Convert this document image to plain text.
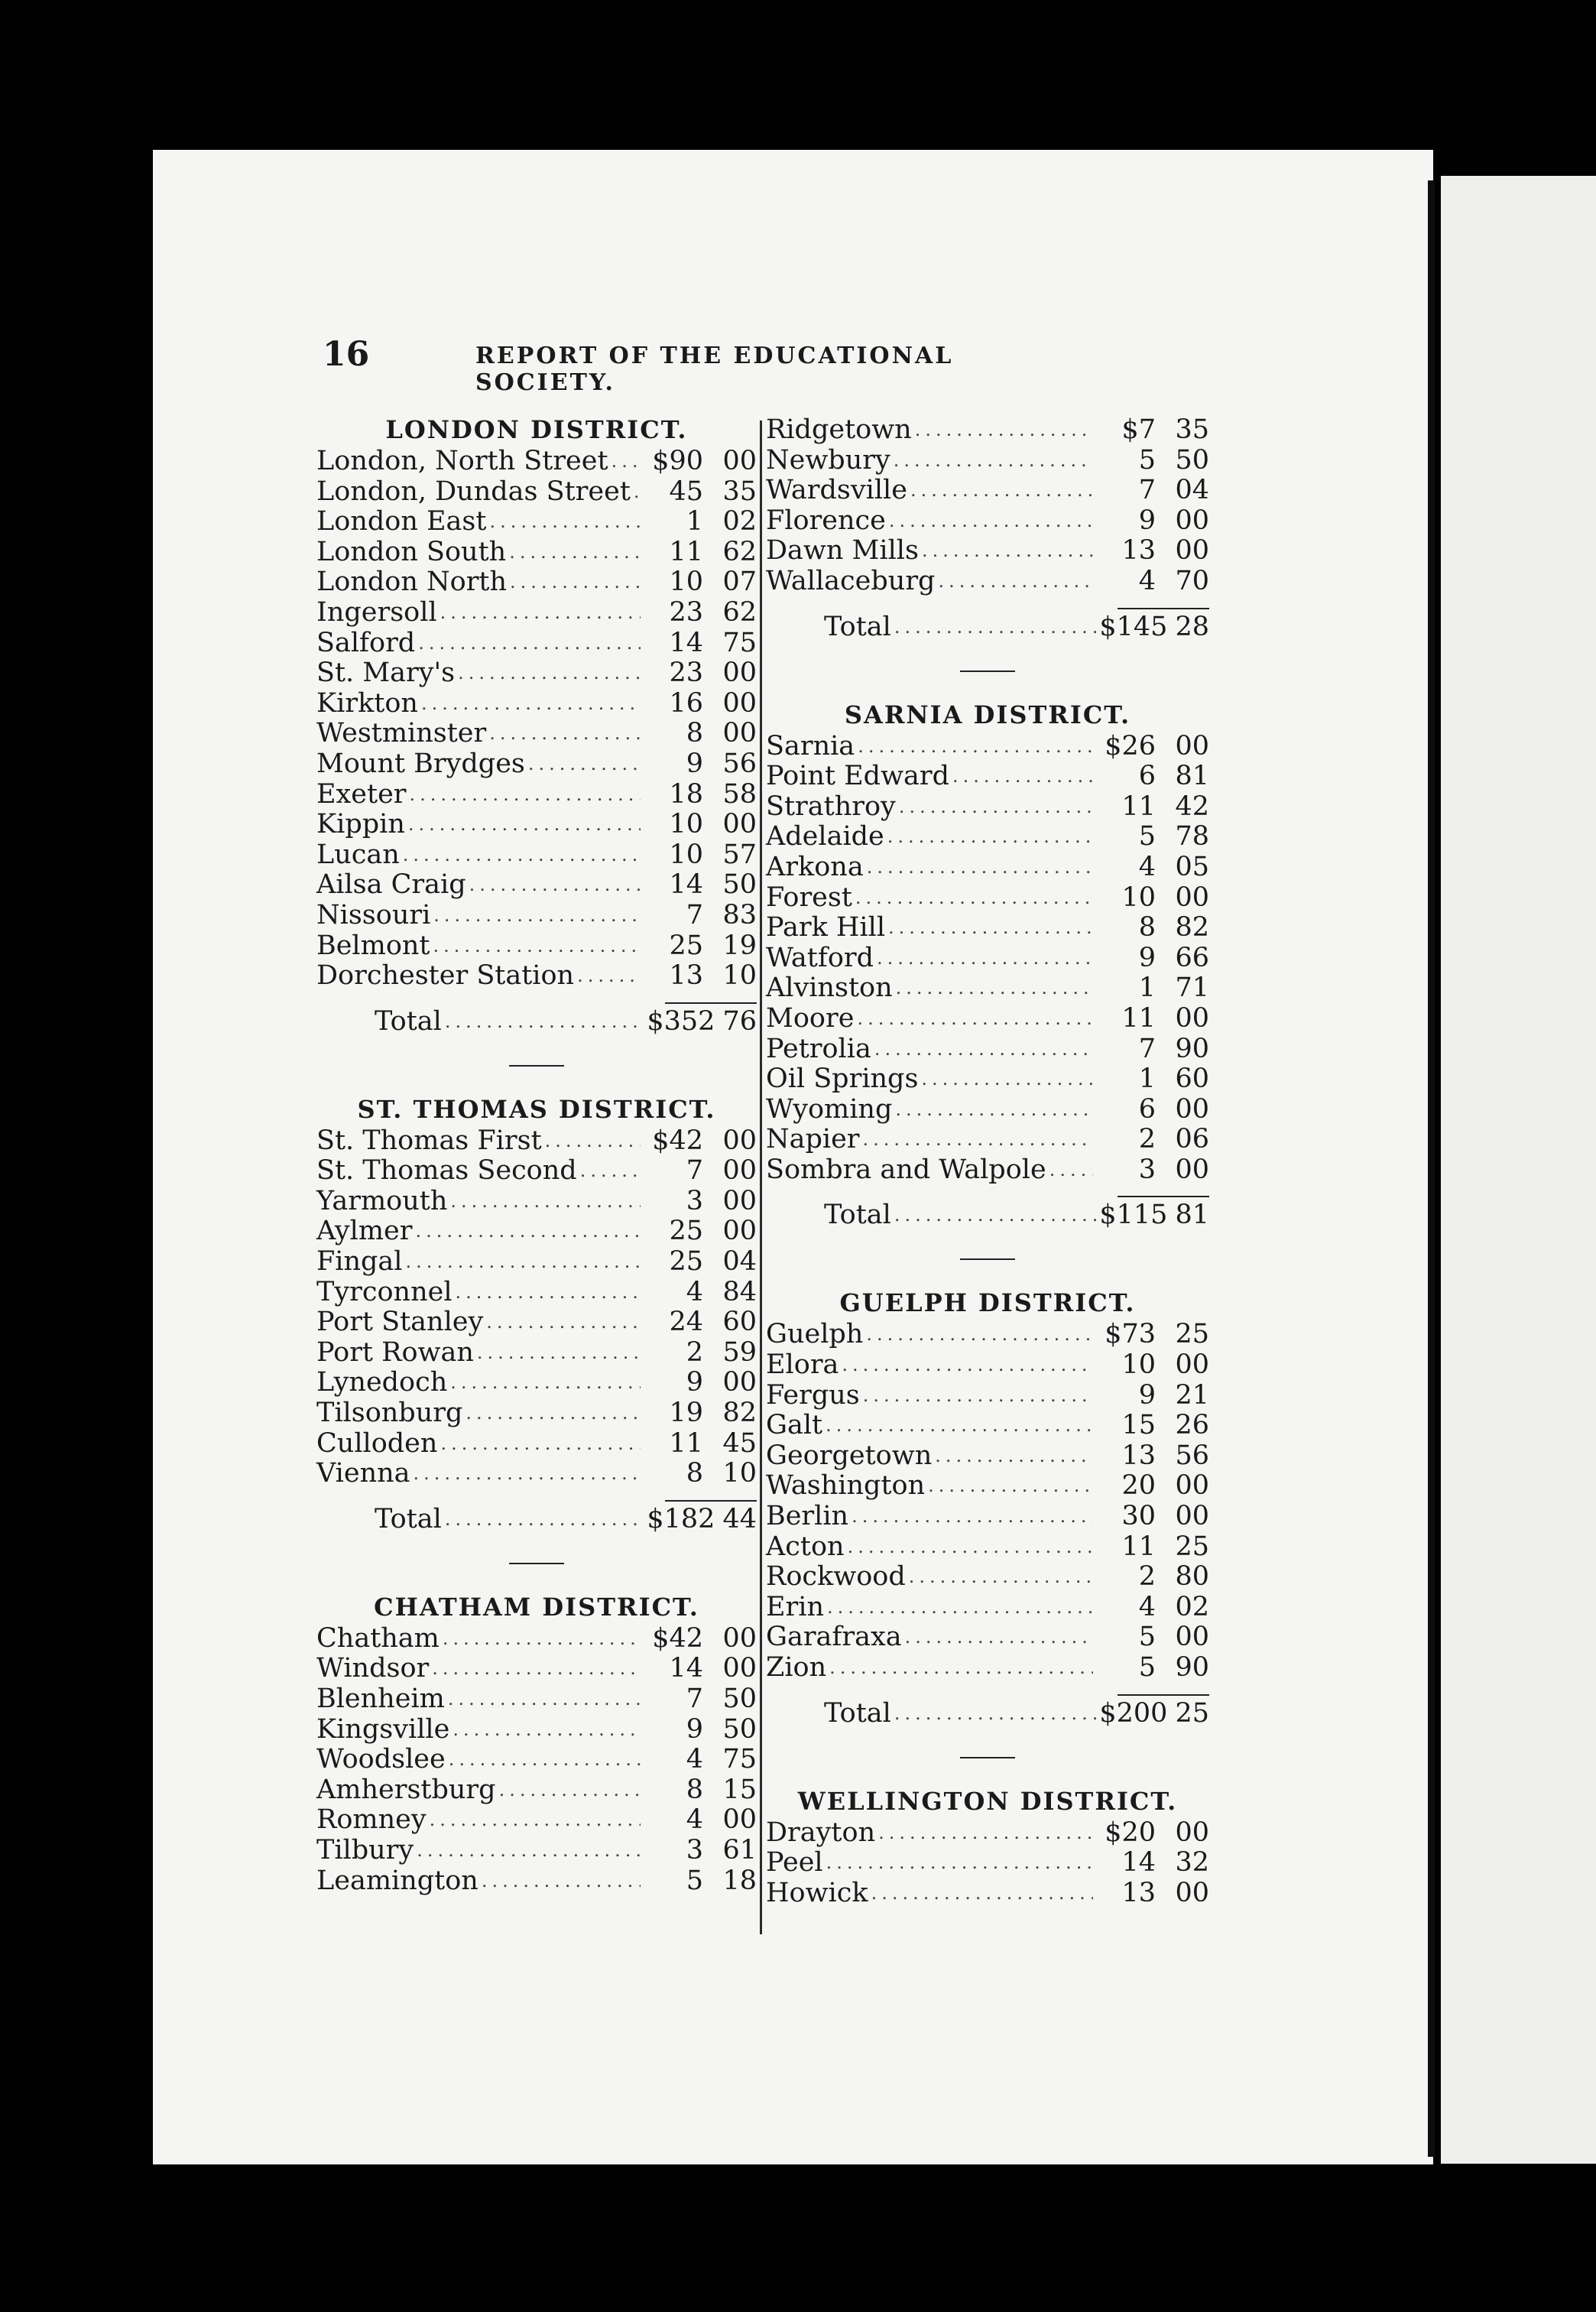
16	REPORT OF THE EDUCATIONAL SOCIETY.
LONDON DISTRICT.
London, North Street .....	$90 00
London, Dundas Street .....	45 35
London East .....	1 02
London South .....	11 62
London North .....	10 07
Ingersoll .....	23 62
Salford .....	14 75
St. Mary's .....	23 00
Kirkton .....	16 00
Westminster .....	8 00
Mount Brydges .....	9 56
Exeter .....	18 58
Kippin .....	10 00
Lucan .....	10 57
Ailsa Craig .....	14 50
Nissouri .....	7 83
Belmont .....	25 19
Dorchester Station .....	13 10
Total .....	$352 76
ST. THOMAS DISTRICT.
St. Thomas First .....	$42 00
St. Thomas Second .....	7 00
Yarmouth .....	3 00
Aylmer .....	25 00
Fingal .....	25 04
Tyrconnel .....	4 84
Port Stanley .....	24 60
Port Rowan .....	2 59
Lynedoch .....	9 00
Tilsonburg .....	19 82
Culloden .....	11 45
Vienna .....	8 10
Total .....	$182 44
CHATHAM DISTRICT.
Chatham .....	$42 00
Windsor .....	14 00
Blenheim .....	7 50
Kingsville .....	9 50
Woodslee .....	4 75
Amherstburg .....	8 15
Romney .....	4 00
Tilbury .....	3 61
Leamington .....	5 18
Ridgetown .....	$7 35
Newbury .....	5 50
Wardsville .....	7 04
Florence .....	9 00
Dawn Mills .....	13 00
Wallaceburg .....	4 70
Total .....	$145 28
SARNIA DISTRICT.
Sarnia .....	$26 00
Point Edward .....	6 81
Strathroy .....	11 42
Adelaide .....	5 78
Arkona .....	4 05
Forest .....	10 00
Park Hill .....	8 82
Watford .....	9 66
Alvinston .....	1 71
Moore .....	11 00
Petrolia .....	7 90
Oil Springs .....	1 60
Wyoming .....	6 00
Napier .....	2 06
Sombra and Walpole .....	3 00
Total .....	$115 81
GUELPH DISTRICT.
Guelph .....	$73 25
Elora .....	10 00
Fergus .....	9 21
Galt .....	15 26
Georgetown .....	13 56
Washington .....	20 00
Berlin .....	30 00
Acton .....	11 25
Rockwood .....	2 80
Erin .....	4 02
Garafraxa .....	5 00
Zion .....	5 90
Total .....	$200 25
WELLINGTON DISTRICT.
Drayton .....	$20 00
Peel .....	14 32
Howick .....	13 00
